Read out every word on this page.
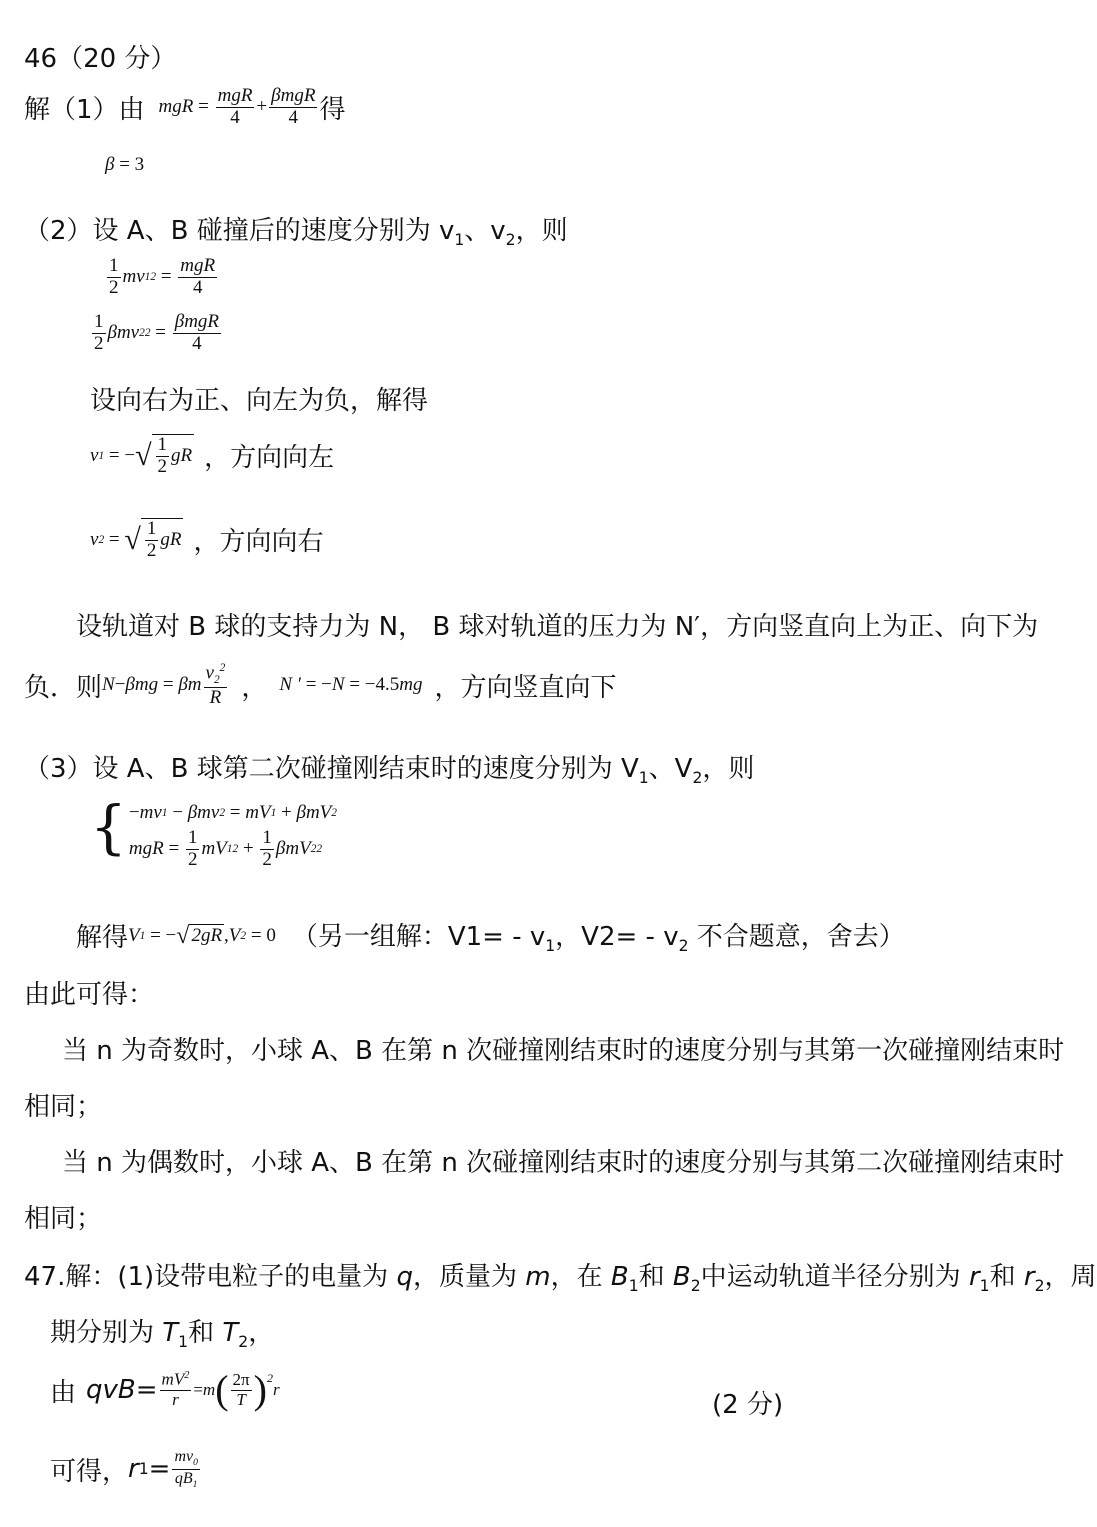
46（20 分）
解（1）由 mgR = $\frac{\text{mgR}}{4} + \frac{\text{βmgR}}{4}$ 得
β = 3
（2）设 A、B 碰撞后的速度分别为 $v_1$、$v_2$，则
$\frac{1}{2}$ mv 1 $2 = \frac{\text{mgR}}{4}$
$\frac{1}{2}$ βmv 2 $2 = \frac{\text{βmgR}}{4}$
设向右为正、向左为负，解得
v 1 = − √ $\frac{1}{2}$ gR ，方向向左
v 2 = √ $\frac{1}{2}$ gR ，方向向右
设轨道对 B 球的支持力为 N， B 球对轨道的压力为 N′，方向竖直向上为正、向下为
负．则 N − βmg = βm $\frac{v_2^2}{R}$ ， N ′ = −N = −4.5mg ，方向竖直向下
（3）设 A、B 球第二次碰撞刚结束时的速度分别为 $V_1$、$V_2$，则
{ − mv 1 − βmv 2 = mV 1 + βmV 2
mgR = $\frac{1}{2}$ mV 1 $2 + \frac{1}{2}$ βmV 2 2
解得 V 1 = − √ 2gR , V 2 = 0 （另一组解：$V1= - v_1$，$V2= - v_2$ 不合题意，舍去）
由此可得：
当 n 为奇数时，小球 A、B 在第 n 次碰撞刚结束时的速度分别与其第一次碰撞刚结束时
相同；
当 n 为偶数时，小球 A、B 在第 n 次碰撞刚结束时的速度分别与其第二次碰撞刚结束时
相同；
47.解：(1)设带电粒子的电量为 q，质量为 m，在 $B_1$和 $B_2$中运动轨道半径分别为 $r_1$和 $r_2$，周
期分别为 $T_1$和 $T_2$，
由 qvB = $\frac{mV^2}{r} = m$ ( $\frac{2\pi}{T} )^2$
r
(2 分)
可得， r $1 = \frac{mv_0}{qB_1}$
